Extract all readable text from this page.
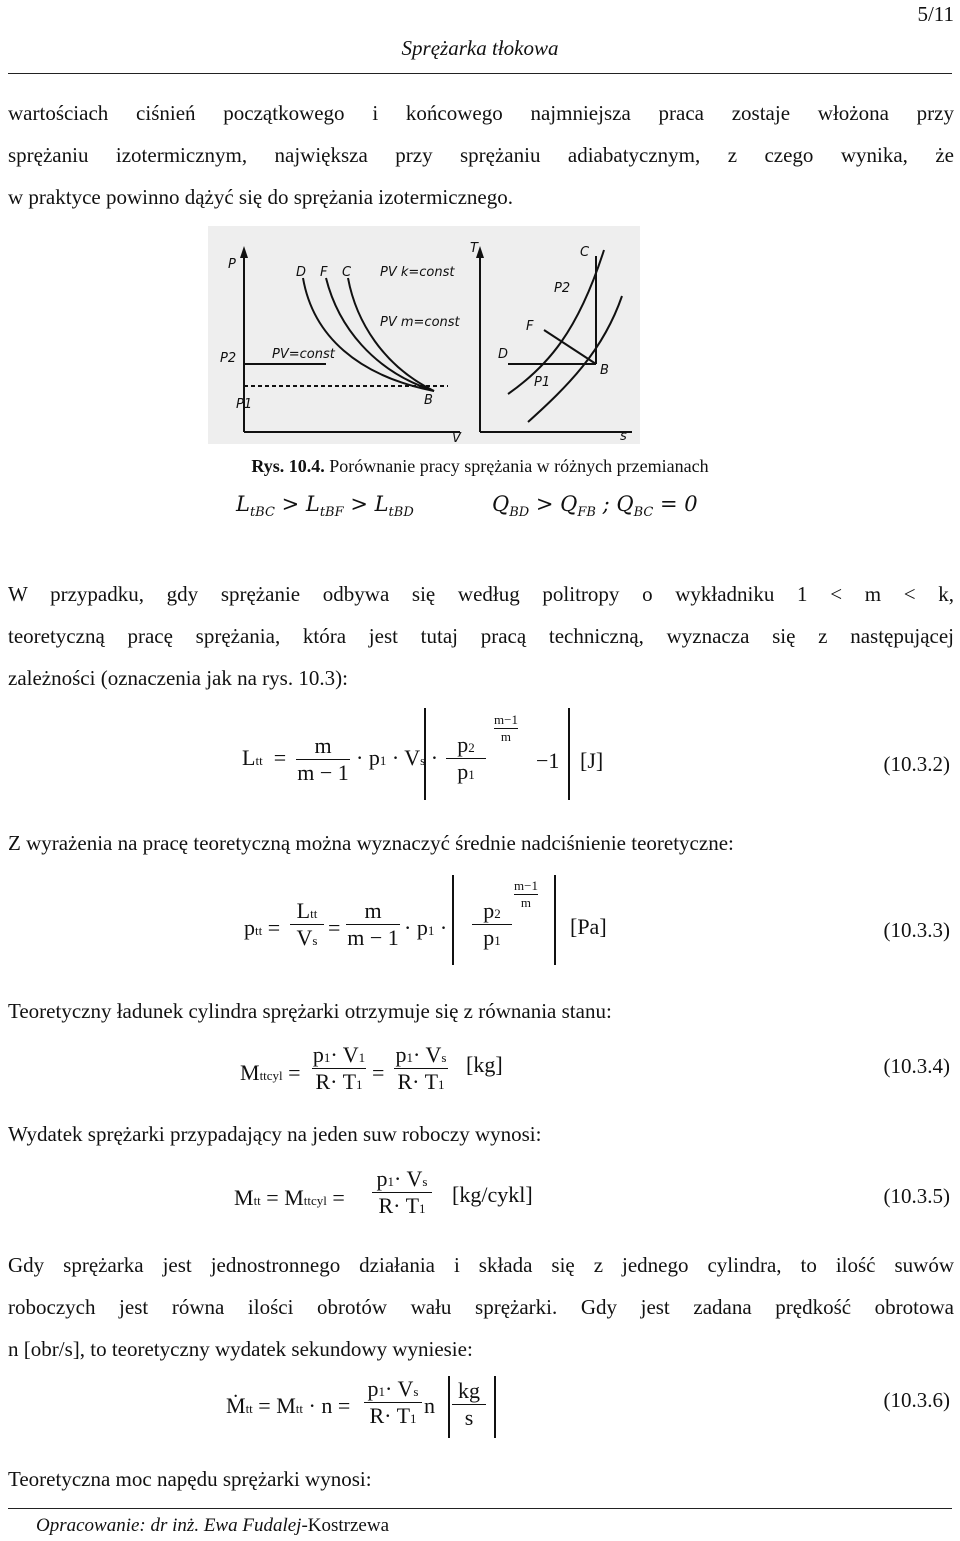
5/11
Sprężarka tłokowa
wartościach ciśnień początkowego i końcowego najmniejsza praca zostaje włożona przy
sprężaniu izotermicznym, największa przy sprężaniu adiabatycznym, z czego wynika, że
w praktyce powinno dążyć się do sprężania izotermicznego.
P
V
D F C PV k=const
PV m=const
PV=const
P2
P1	B
T
s
C
P2
F
D
B
P1
Rys. 10.4. Porównanie pracy sprężania w różnych przemianach
$L_{tBC} > L_{tBF} > L_{tBD}$	$Q_{BD} > Q_{FB}$ ; $Q_{BC} = 0$
W przypadku, gdy sprężanie odbywa się według politropy o wykładniku 1 < m < k,
teoretyczną pracę sprężania, która jest tutaj pracą techniczną, wyznacza się z następującej
zależności (oznaczenia jak na rys. 10.3):
Ltt  = $\frac{m}{m - 1} \cdot p1 \cdot Vs \cdot \frac{p2}{p1}$
m−1
m
−1 [J]	(10.3.2)
Z wyrażenia na pracę teoretyczną można wyznaczyć średnie nadciśnienie teoretyczne:
ptt =
Ltt
Vs
= $\frac{m}{m - 1} \cdot p1 \cdot \frac{p2}{p1}$
m−1
m
[Pa]	(10.3.3)
Teoretyczny ładunek cylindra sprężarki otrzymuje się z równania stanu:
Mttcyl = $\frac{p1\cdot V1}{R\cdot T1} = \frac{p1\cdot Vs}{R\cdot T1} [kg]$	(10.3.4)
Wydatek sprężarki przypadający na jeden suw roboczy wynosi:
Mtt = Mttcyl = $\frac{p1\cdot Vs}{R\cdot T1}$ [kg/cykl]	(10.3.5)
Gdy sprężarka jest jednostronnego działania i składa się z jednego cylindra, to ilość suwów
roboczych jest równa ilości obrotów wału sprężarki. Gdy jest zadana prędkość obrotowa
n [obr/s], to teoretyczny wydatek sekundowy wyniesie:
Ṁtt = Mtt · $n = \frac{p1\cdot Vs}{R\cdot T1}$ n $\frac{kg}{s}$	(10.3.6)
Teoretyczna moc napędu sprężarki wynosi:
Opracowanie: dr inż. Ewa Fudalej-Kostrzewa
